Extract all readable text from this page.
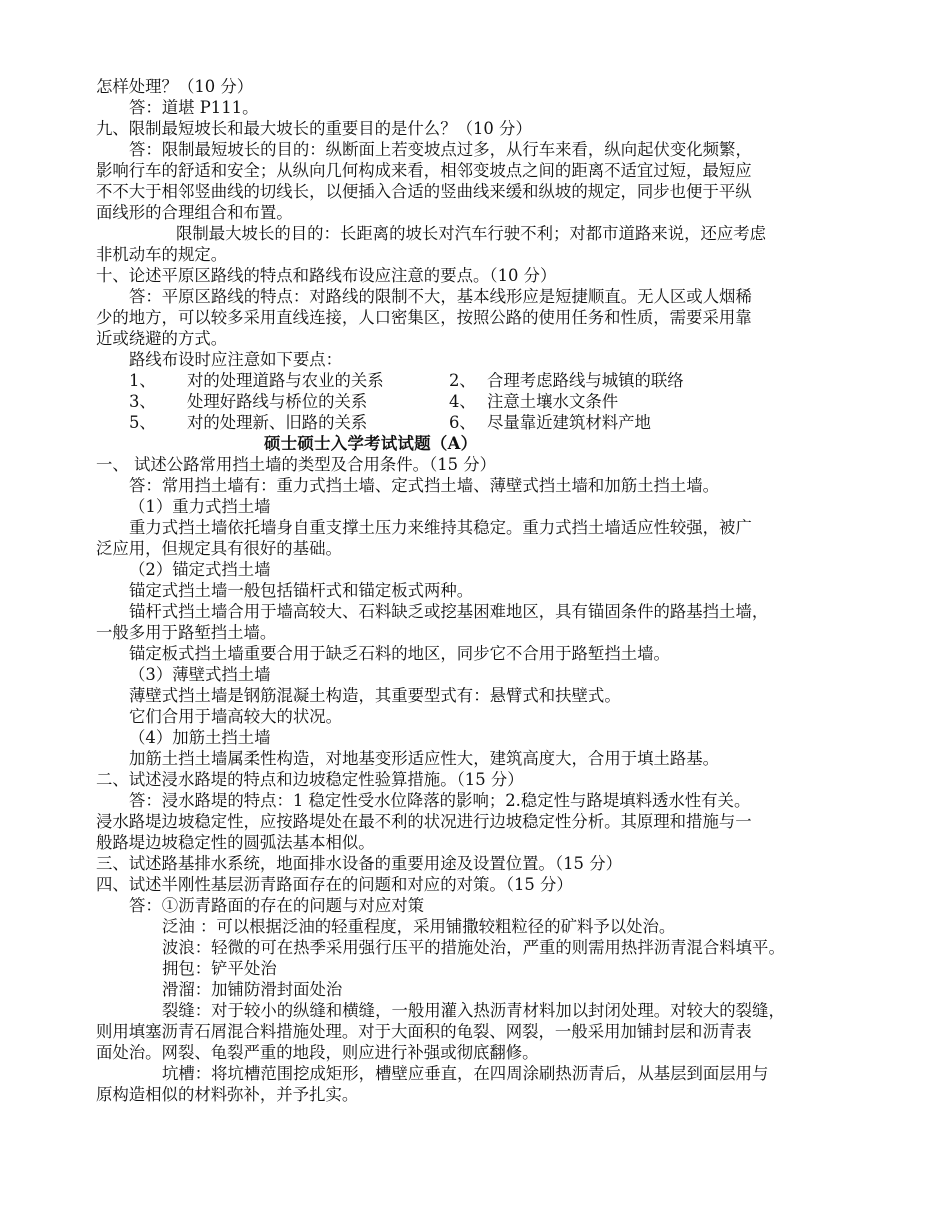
怎样处理？（10 分）
答：道堪 P111。
九、限制最短坡长和最大坡长的重要目的是什么？（10 分）
答：限制最短坡长的目的：纵断面上若变坡点过多，从行车来看，纵向起伏变化频繁，
影响行车的舒适和安全；从纵向几何构成来看，相邻变坡点之间的距离不适宜过短，最短应
不不大于相邻竖曲线的切线长，以便插入合适的竖曲线来缓和纵坡的规定，同步也便于平纵
面线形的合理组合和布置。
限制最大坡长的目的：长距离的坡长对汽车行驶不利；对都市道路来说，还应考虑
非机动车的规定。
十、论述平原区路线的特点和路线布设应注意的要点。（10 分）
答：平原区路线的特点：对路线的限制不大，基本线形应是短捷顺直。无人区或人烟稀
少的地方，可以较多采用直线连接，人口密集区，按照公路的使用任务和性质，需要采用靠
近或绕避的方式。
路线布设时应注意如下要点：
1、 对的处理道路与农业的关系	2、 合理考虑路线与城镇的联络
3、 处理好路线与桥位的关系	4、 注意土壤水文条件
5、 对的处理新、旧路的关系	6、 尽量靠近建筑材料产地
硕士硕士入学考试试题（A）
一、 试述公路常用挡土墙的类型及合用条件。（15 分）
答：常用挡土墙有：重力式挡土墙、定式挡土墙、薄壁式挡土墙和加筋土挡土墙。
（1）重力式挡土墙
重力式挡土墙依托墙身自重支撑土压力来维持其稳定。重力式挡土墙适应性较强，被广
泛应用，但规定具有很好的基础。
（2）锚定式挡土墙
锚定式挡土墙一般包括锚杆式和锚定板式两种。
锚杆式挡土墙合用于墙高较大、石料缺乏或挖基困难地区，具有锚固条件的路基挡土墙，
一般多用于路堑挡土墙。
锚定板式挡土墙重要合用于缺乏石料的地区，同步它不合用于路堑挡土墙。
（3）薄壁式挡土墙
薄壁式挡土墙是钢筋混凝土构造，其重要型式有：悬臂式和扶壁式。
它们合用于墙高较大的状况。
（4）加筋土挡土墙
加筋土挡土墙属柔性构造，对地基变形适应性大，建筑高度大，合用于填土路基。
二、试述浸水路堤的特点和边坡稳定性验算措施。（15 分）
答：浸水路堤的特点：1 稳定性受水位降落的影响；2.稳定性与路堤填料透水性有关。
浸水路堤边坡稳定性，应按路堤处在最不利的状况进行边坡稳定性分析。其原理和措施与一
般路堤边坡稳定性的圆弧法基本相似。
三、试述路基排水系统，地面排水设备的重要用途及设置位置。（15 分）
四、试述半刚性基层沥青路面存在的问题和对应的对策。（15 分）
答：①沥青路面的存在的问题与对应对策
泛油 ：可以根据泛油的轻重程度，采用铺撒较粗粒径的矿料予以处治。
波浪：轻微的可在热季采用强行压平的措施处治，严重的则需用热拌沥青混合料填平。
拥包：铲平处治
滑溜：加铺防滑封面处治
裂缝：对于较小的纵缝和横缝，一般用灌入热沥青材料加以封闭处理。对较大的裂缝，
则用填塞沥青石屑混合料措施处理。对于大面积的龟裂、网裂，一般采用加铺封层和沥青表
面处治。网裂、龟裂严重的地段，则应进行补强或彻底翻修。
坑槽：将坑槽范围挖成矩形，槽壁应垂直，在四周涂刷热沥青后，从基层到面层用与
原构造相似的材料弥补，并予扎实。
